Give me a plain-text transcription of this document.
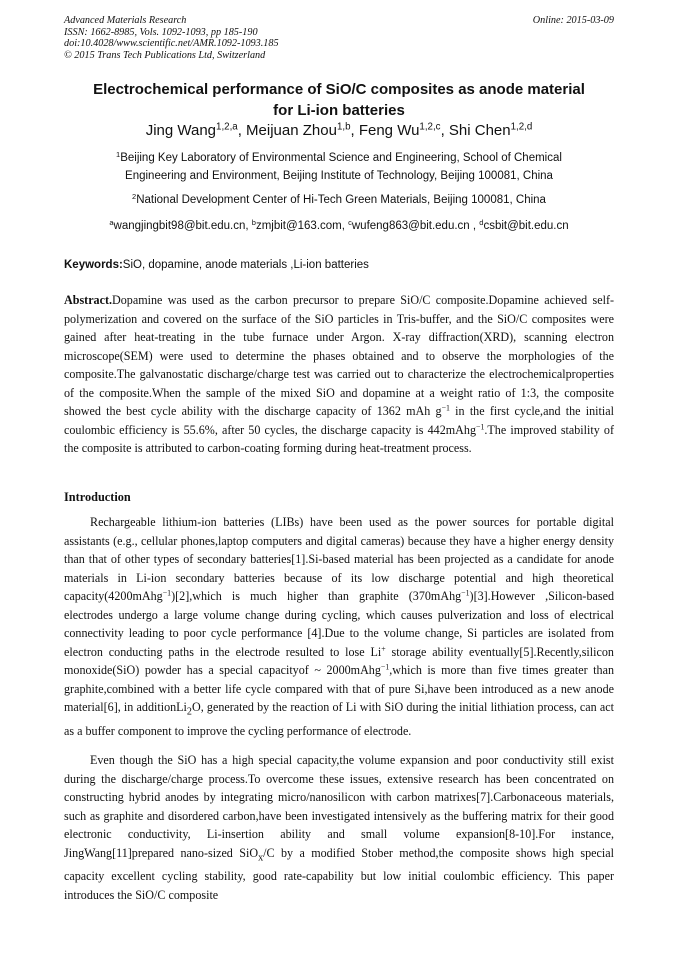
Advanced Materials Research
ISSN: 1662-8985, Vols. 1092-1093, pp 185-190
doi:10.4028/www.scientific.net/AMR.1092-1093.185
© 2015 Trans Tech Publications Ltd, Switzerland
Online: 2015-03-09
Electrochemical performance of SiO/C composites as anode material
for Li-ion batteries
Jing Wang$^{1,2,a}$, Meijuan Zhou$^{1,b}$, Feng Wu$^{1,2,c}$, Shi Chen$^{1,2,d}$
$^1$Beijing Key Laboratory of Environmental Science and Engineering, School of Chemical
Engineering and Environment, Beijing Institute of Technology, Beijing 100081, China
$^2$National Development Center of Hi-Tech Green Materials, Beijing 100081, China
$^a$wangjingbit98@bit.edu.cn, $^b$zmjbit@163.com, $^c$wufeng863@bit.edu.cn , $^d$csbit@bit.edu.cn
Keywords:SiO, dopamine, anode materials ,Li-ion batteries
Abstract.Dopamine was used as the carbon precursor to prepare SiO/C composite.Dopamine achieved self-polymerization and covered on the surface of the SiO particles in Tris-buffer, and the SiO/C composites were gained after heat-treating in the tube furnace under Argon. X-ray diffraction(XRD), scanning electron microscope(SEM) were used to determine the phases obtained and to observe the morphologies of the composite.The galvanostatic discharge/charge test was carried out to characterize the electrochemicalproperties of the composite.When the sample of the mixed SiO and dopamine at a weight ratio of 1:3, the composite showed the best cycle ability with the discharge capacity of 1362 mAh $g^{-1}$ in the first cycle,and the initial coulombic efficiency is 55.6%, after 50 cycles, the discharge capacity is 442mAhg$^{-1}$.The improved stability of the composite is attributed to carbon-coating forming during heat-treatment process.
Introduction
Rechargeable lithium-ion batteries (LIBs) have been used as the power sources for portable digital assistants (e.g., cellular phones,laptop computers and digital cameras) because they have a higher energy density than that of other types of secondary batteries[1].Si-based material has been projected as a candidate for anode materials in Li-ion secondary batteries because of its low discharge potential and high theoretical capacity(4200mAhg$^{-1}$)[2],which is much higher than graphite (370mAhg$^{-1}$)[3].However ,Silicon-based electrodes undergo a large volume change during cycling, which causes pulverization and loss of electrical connectivity leading to poor cycle performance [4].Due to the volume change, Si particles are isolated from electron conducting paths in the electrode resulted to lose Li+ storage ability eventually[5].Recently,silicon monoxide(SiO) powder has a special capacityof ~ 2000mAhg$^{-1}$,which is more than five times greater than graphite,combined with a better life cycle compared with that of pure Si,have been introduced as a new anode material[6], in additionLi$_2$O, generated by the reaction of Li with SiO during the initial lithiation process, can act as a buffer component to improve the cycling performance of electrode.
Even though the SiO has a high special capacity,the volume expansion and poor conductivity still exist during the discharge/charge process.To overcome these issues, extensive research has been concentrated on constructing hybrid anodes by integrating micro/nanosilicon with carbon matrixes[7].Carbonaceous materials, such as graphite and disordered carbon,have been investigated intensively as the buffering matrix for their good electronic conductivity, Li-insertion ability and small volume expansion[8-10].For instance, JingWang[11]prepared nano-sized SiO$_x$/C by a modified Stober method,the composite shows high special capacity excellent cycling stability, good rate-capability but low initial coulombic efficiency. This paper introduces the SiO/C composite
